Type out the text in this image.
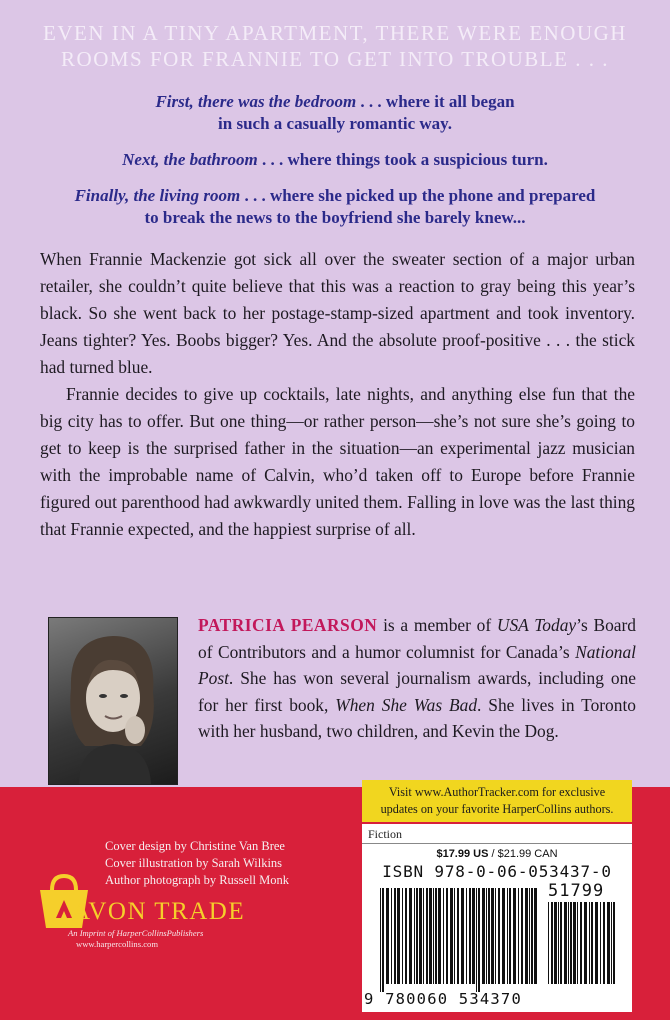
EVEN IN A TINY APARTMENT, THERE WERE ENOUGH
ROOMS FOR FRANNIE TO GET INTO TROUBLE . . .
First, there was the bedroom . . . where it all began
in such a casually romantic way.
Next, the bathroom . . . where things took a suspicious turn.
Finally, the living room . . . where she picked up the phone and prepared
to break the news to the boyfriend she barely knew...

When Frannie Mackenzie got sick all over the sweater section of a major urban retailer, she couldn’t quite believe that this was a reaction to gray being this year’s black. So she went back to her postage-stamp-sized apartment and took inventory. Jeans tighter? Yes. Boobs bigger? Yes. And the absolute proof-positive . . . the stick had turned blue.

Frannie decides to give up cocktails, late nights, and anything else fun that the big city has to offer. But one thing—or rather person—she’s not sure she’s going to get to keep is the surprised father in the situation—an experimental jazz musician with the improbable name of Calvin, who’d taken off to Europe before Frannie figured out parenthood had awkwardly united them. Falling in love was the last thing that Frannie expected, and the happiest surprise of all.

PATRICIA PEARSON is a member of USA Today’s Board of Contributors and a humor columnist for Canada’s National Post. She has won several journalism awards, including one for her first book, When She Was Bad. She lives in Toronto with her husband, two children, and Kevin the Dog.
Visit www.AuthorTracker.com for exclusive
updates on your favorite HarperCollins authors.
Fiction
$17.99 US / $21.99 CAN
ISBN 978-0-06-053437-0
51799
9 780060 534370
Cover design by Christine Van Bree
Cover illustration by Sarah Wilkins
Author photograph by Russell Monk
AVON TRADE
An Imprint of HarperCollinsPublishers
www.harpercollins.com
